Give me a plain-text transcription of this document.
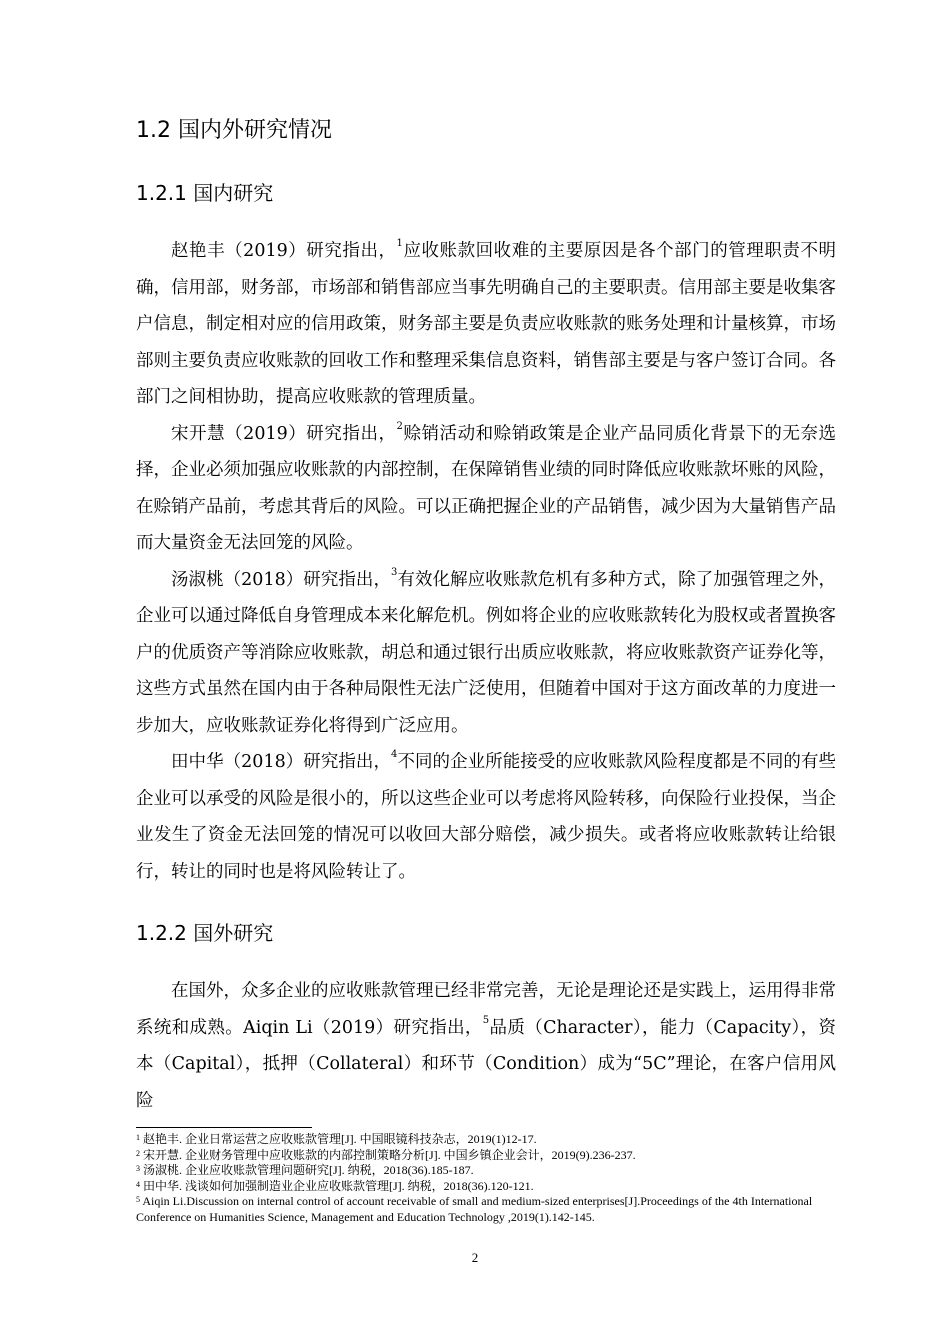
1.2 国内外研究情况
1.2.1 国内研究

赵艳丰（2019）研究指出，$^1$应收账款回收难的主要原因是各个部门的管理职责不明确，信用部，财务部，市场部和销售部应当事先明确自己的主要职责。信用部主要是收集客户信息，制定相对应的信用政策，财务部主要是负责应收账款的账务处理和计量核算，市场部则主要负责应收账款的回收工作和整理采集信息资料，销售部主要是与客户签订合同。各部门之间相协助，提高应收账款的管理质量。

宋开慧（2019）研究指出，$^2$赊销活动和赊销政策是企业产品同质化背景下的无奈选择，企业必须加强应收账款的内部控制，在保障销售业绩的同时降低应收账款坏账的风险，在赊销产品前，考虑其背后的风险。可以正确把握企业的产品销售，减少因为大量销售产品而大量资金无法回笼的风险。

汤淑桃（2018）研究指出，$^3$有效化解应收账款危机有多种方式，除了加强管理之外，企业可以通过降低自身管理成本来化解危机。例如将企业的应收账款转化为股权或者置换客户的优质资产等消除应收账款，胡总和通过银行出质应收账款，将应收账款资产证券化等，这些方式虽然在国内由于各种局限性无法广泛使用，但随着中国对于这方面改革的力度进一步加大，应收账款证券化将得到广泛应用。

田中华（2018）研究指出，$^4$不同的企业所能接受的应收账款风险程度都是不同的有些企业可以承受的风险是很小的，所以这些企业可以考虑将风险转移，向保险行业投保，当企业发生了资金无法回笼的情况可以收回大部分赔偿，减少损失。或者将应收账款转让给银行，转让的同时也是将风险转让了。

1.2.2 国外研究

在国外，众多企业的应收账款管理已经非常完善，无论是理论还是实践上，运用得非常系统和成熟。Aiqin Li（2019）研究指出，$^5$品质（Character），能力（Capacity），资本（Capital），抵押（Collateral）和环节（Condition）成为“5C”理论，在客户信用风险

$^1$ 赵艳丰. 企业日常运营之应收账款管理[J]. 中国眼镜科技杂志，2019(1)12-17.
$^2$ 宋开慧. 企业财务管理中应收账款的内部控制策略分析[J]. 中国乡镇企业会计，2019(9).236-237.
$^3$ 汤淑桃. 企业应收账款管理问题研究[J]. 纳税，2018(36).185-187.
$^4$ 田中华. 浅谈如何加强制造业企业应收账款管理[J]. 纳税，2018(36).120-121.
$^5$ Aiqin Li.Discussion on internal control of account receivable of small and medium-sized enterprises[J].Proceedings of the 4th International Conference on Humanities Science, Management and Education Technology ,2019(1).142-145.
2
